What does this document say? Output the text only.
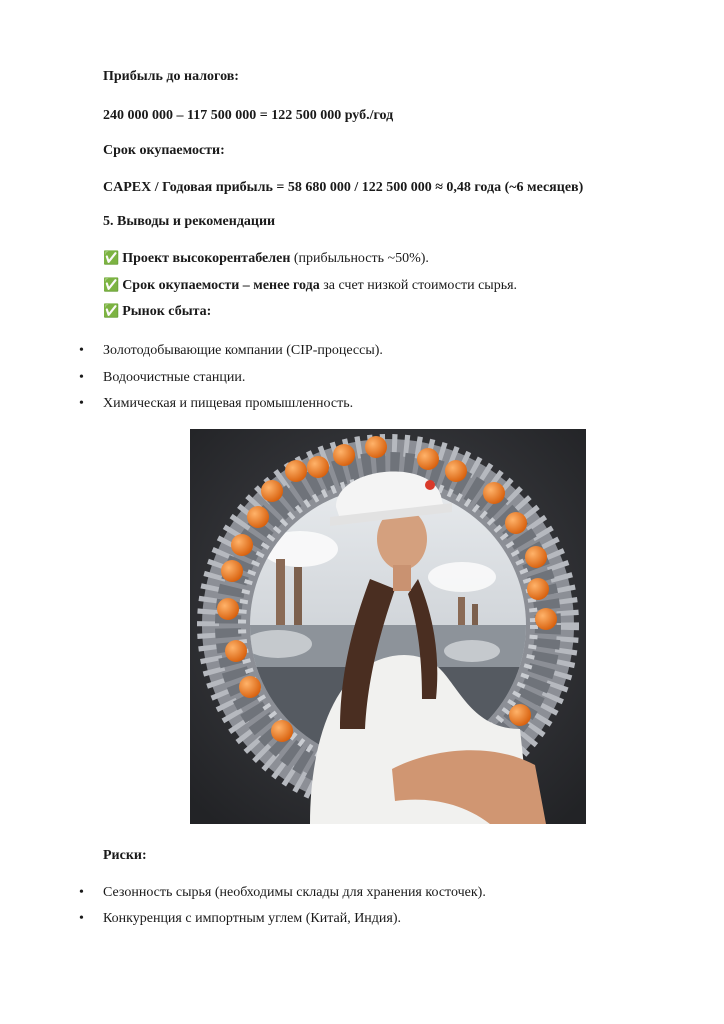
Прибыль до налогов:
240 000 000 – 117 500 000 = 122 500 000 руб./год
Срок окупаемости:
CAPEX / Годовая прибыль = 58 680 000 / 122 500 000 ≈ 0,48 года (~6 месяцев)
5. Выводы и рекомендации
✅ Проект высокорентабелен (прибыльность ~50%).
✅ Срок окупаемости – менее года за счет низкой стоимости сырья.
✅ Рынок сбыта:
• Золотодобывающие компании (CIP-процессы).
• Водоочистные станции.
• Химическая и пищевая промышленность.
Риски:
• Сезонность сырья (необходимы склады для хранения косточек).
• Конкуренция с импортным углем (Китай, Индия).
